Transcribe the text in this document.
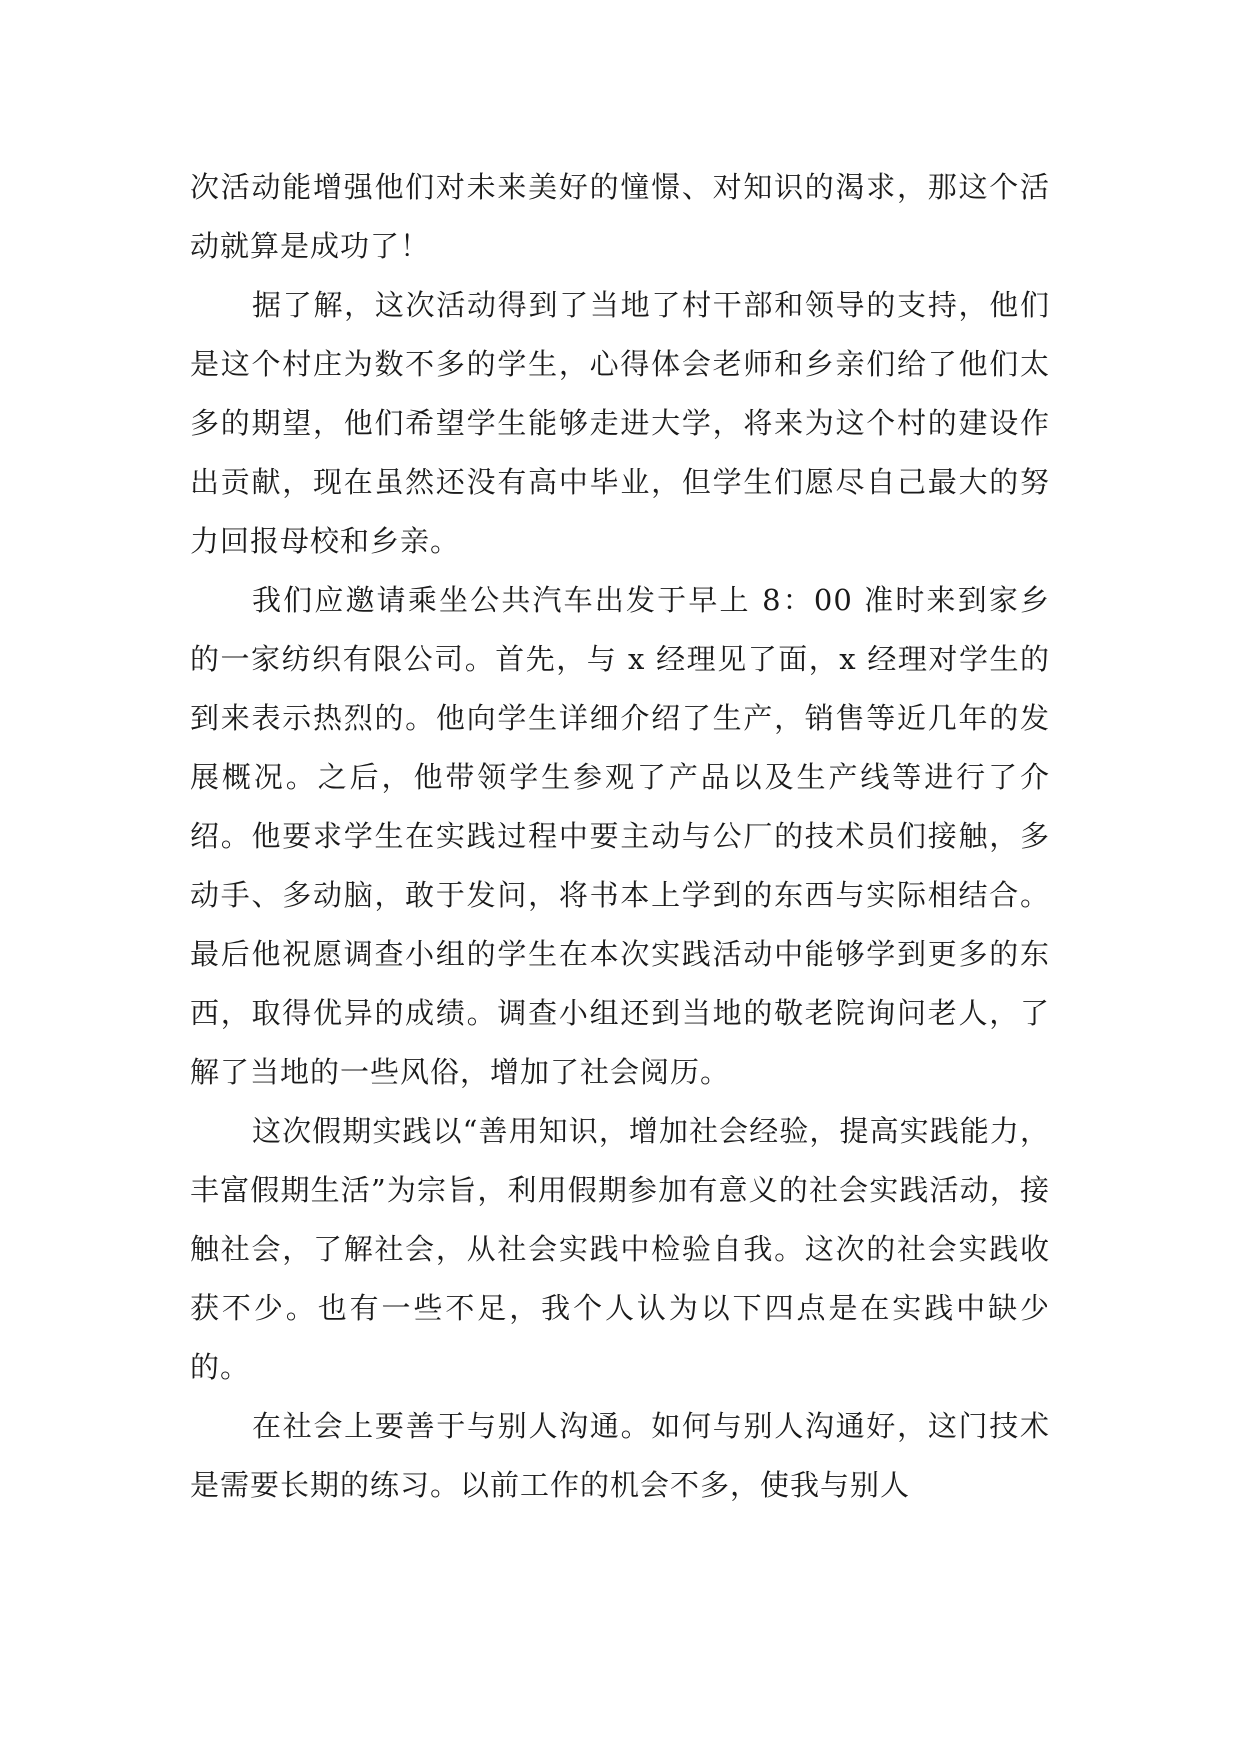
次活动能增强他们对未来美好的憧憬、对知识的渴求，那这个活动就算是成功了！

据了解，这次活动得到了当地了村干部和领导的支持，他们是这个村庄为数不多的学生，心得体会老师和乡亲们给了他们太多的期望，他们希望学生能够走进大学，将来为这个村的建设作出贡献，现在虽然还没有高中毕业，但学生们愿尽自己最大的努力回报母校和乡亲。

我们应邀请乘坐公共汽车出发于早上 8：00 准时来到家乡的一家纺织有限公司。首先，与 x 经理见了面，x 经理对学生的到来表示热烈的。他向学生详细介绍了生产，销售等近几年的发展概况。之后，他带领学生参观了产品以及生产线等进行了介绍。他要求学生在实践过程中要主动与公厂的技术员们接触，多动手、多动脑，敢于发问，将书本上学到的东西与实际相结合。最后他祝愿调查小组的学生在本次实践活动中能够学到更多的东西，取得优异的成绩。调查小组还到当地的敬老院询问老人，了解了当地的一些风俗，增加了社会阅历。

这次假期实践以“善用知识，增加社会经验，提高实践能力，丰富假期生活”为宗旨，利用假期参加有意义的社会实践活动，接触社会，了解社会，从社会实践中检验自我。这次的社会实践收获不少。也有一些不足，我个人认为以下四点是在实践中缺少的。

在社会上要善于与别人沟通。如何与别人沟通好，这门技术是需要长期的练习。以前工作的机会不多，使我与别人
